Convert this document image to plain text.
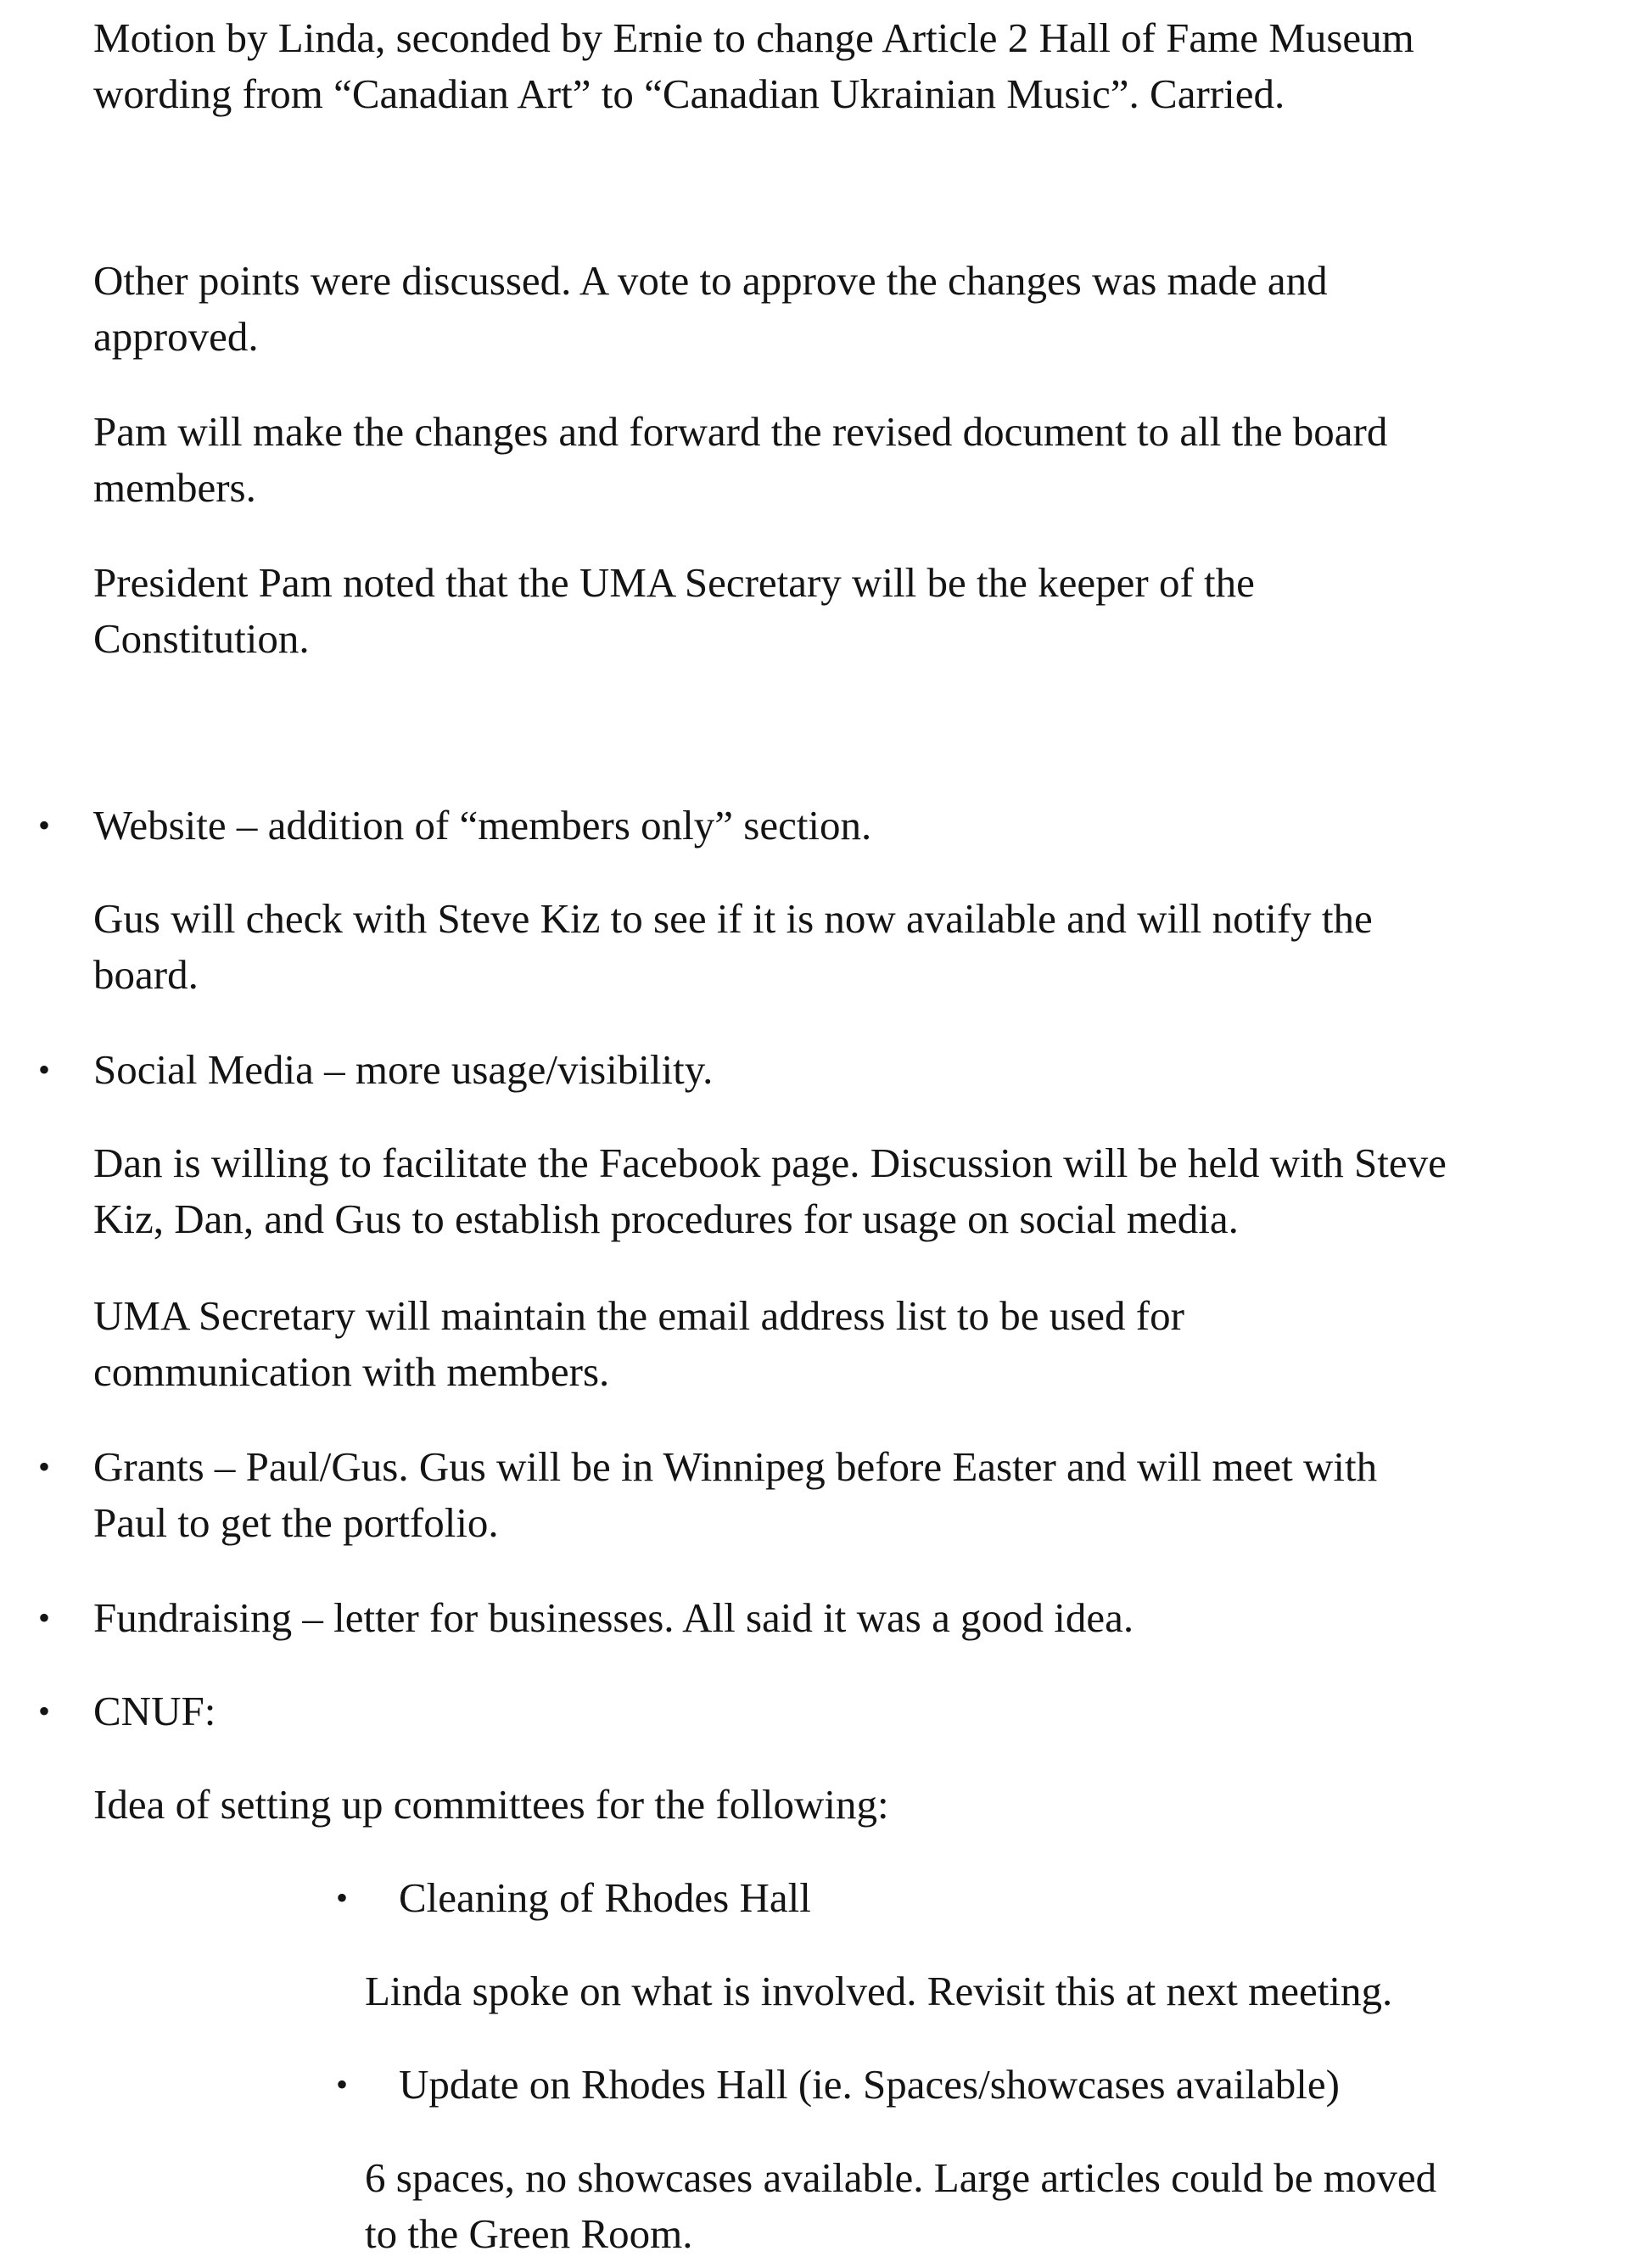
Motion by Linda, seconded by Ernie to change Article 2 Hall of Fame Museum
wording from “Canadian Art” to “Canadian Ukrainian Music”. Carried.

Other points were discussed. A vote to approve the changes was made and
approved.

Pam will make the changes and forward the revised document to all the board
members.

President Pam noted that the UMA Secretary will be the keeper of the
Constitution.

• Website – addition of “members only” section.

Gus will check with Steve Kiz to see if it is now available and will notify the
board.

• Social Media – more usage/visibility.

Dan is willing to facilitate the Facebook page. Discussion will be held with Steve
Kiz, Dan, and Gus to establish procedures for usage on social media.

UMA Secretary will maintain the email address list to be used for
communication with members.

• Grants – Paul/Gus. Gus will be in Winnipeg before Easter and will meet with
Paul to get the portfolio.

• Fundraising – letter for businesses. All said it was a good idea.

• CNUF:

Idea of setting up committees for the following:

• Cleaning of Rhodes Hall

Linda spoke on what is involved. Revisit this at next meeting.

• Update on Rhodes Hall (ie. Spaces/showcases available)

6 spaces, no showcases available. Large articles could be moved
to the Green Room.
